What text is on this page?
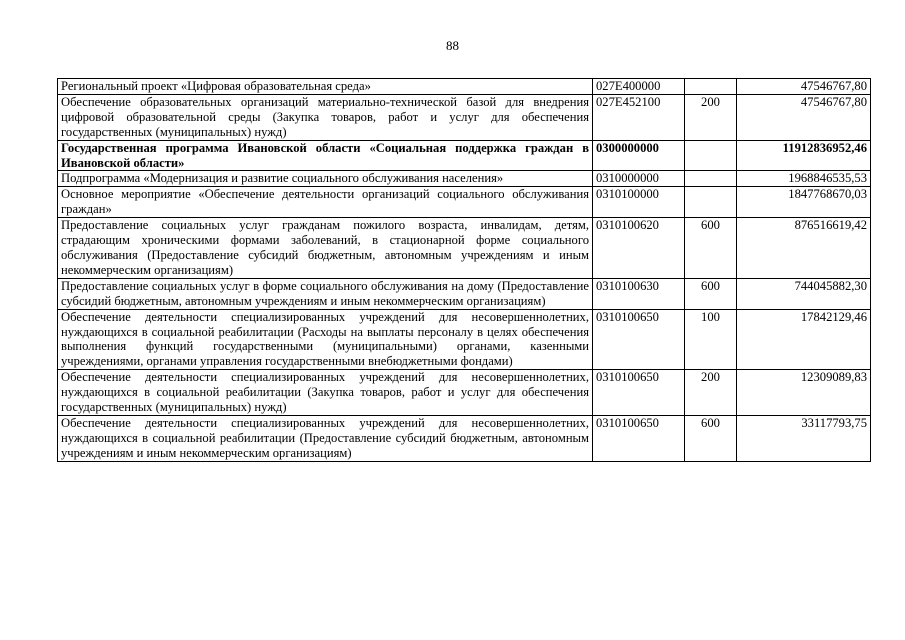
88
Региональный проект «Цифровая образовательная среда»	027E400000		47546767,80
Обеспечение образовательных организаций материально-технической базой для внедрения цифровой образовательной среды (Закупка товаров, работ и услуг для обеспечения государственных (муниципальных) нужд)	027E452100	200	47546767,80
Государственная программа Ивановской области «Социальная поддержка граждан в Ивановской области»	0300000000		11912836952,46
Подпрограмма «Модернизация и развитие социального обслуживания населения»	0310000000		1968846535,53
Основное мероприятие «Обеспечение деятельности организаций социального обслуживания граждан»	0310100000		1847768670,03
Предоставление социальных услуг гражданам пожилого возраста, инвалидам, детям, страдающим хроническими формами заболеваний, в стационарной форме социального обслуживания (Предоставление субсидий бюджетным, автономным учреждениям и иным некоммерческим организациям)	0310100620	600	876516619,42
Предоставление социальных услуг в форме социального обслуживания на дому (Предоставление субсидий бюджетным, автономным учреждениям и иным некоммерческим организациям)	0310100630	600	744045882,30
Обеспечение деятельности специализированных учреждений для несовершеннолетних, нуждающихся в социальной реабилитации (Расходы на выплаты персоналу в целях обеспечения выполнения функций государственными (муниципальными) органами, казенными учреждениями, органами управления государственными внебюджетными фондами)	0310100650	100	17842129,46
Обеспечение деятельности специализированных учреждений для несовершеннолетних, нуждающихся в социальной реабилитации (Закупка товаров, работ и услуг для обеспечения государственных (муниципальных) нужд)	0310100650	200	12309089,83
Обеспечение деятельности специализированных учреждений для несовершеннолетних, нуждающихся в социальной реабилитации (Предоставление субсидий бюджетным, автономным учреждениям и иным некоммерческим организациям)	0310100650	600	33117793,75
